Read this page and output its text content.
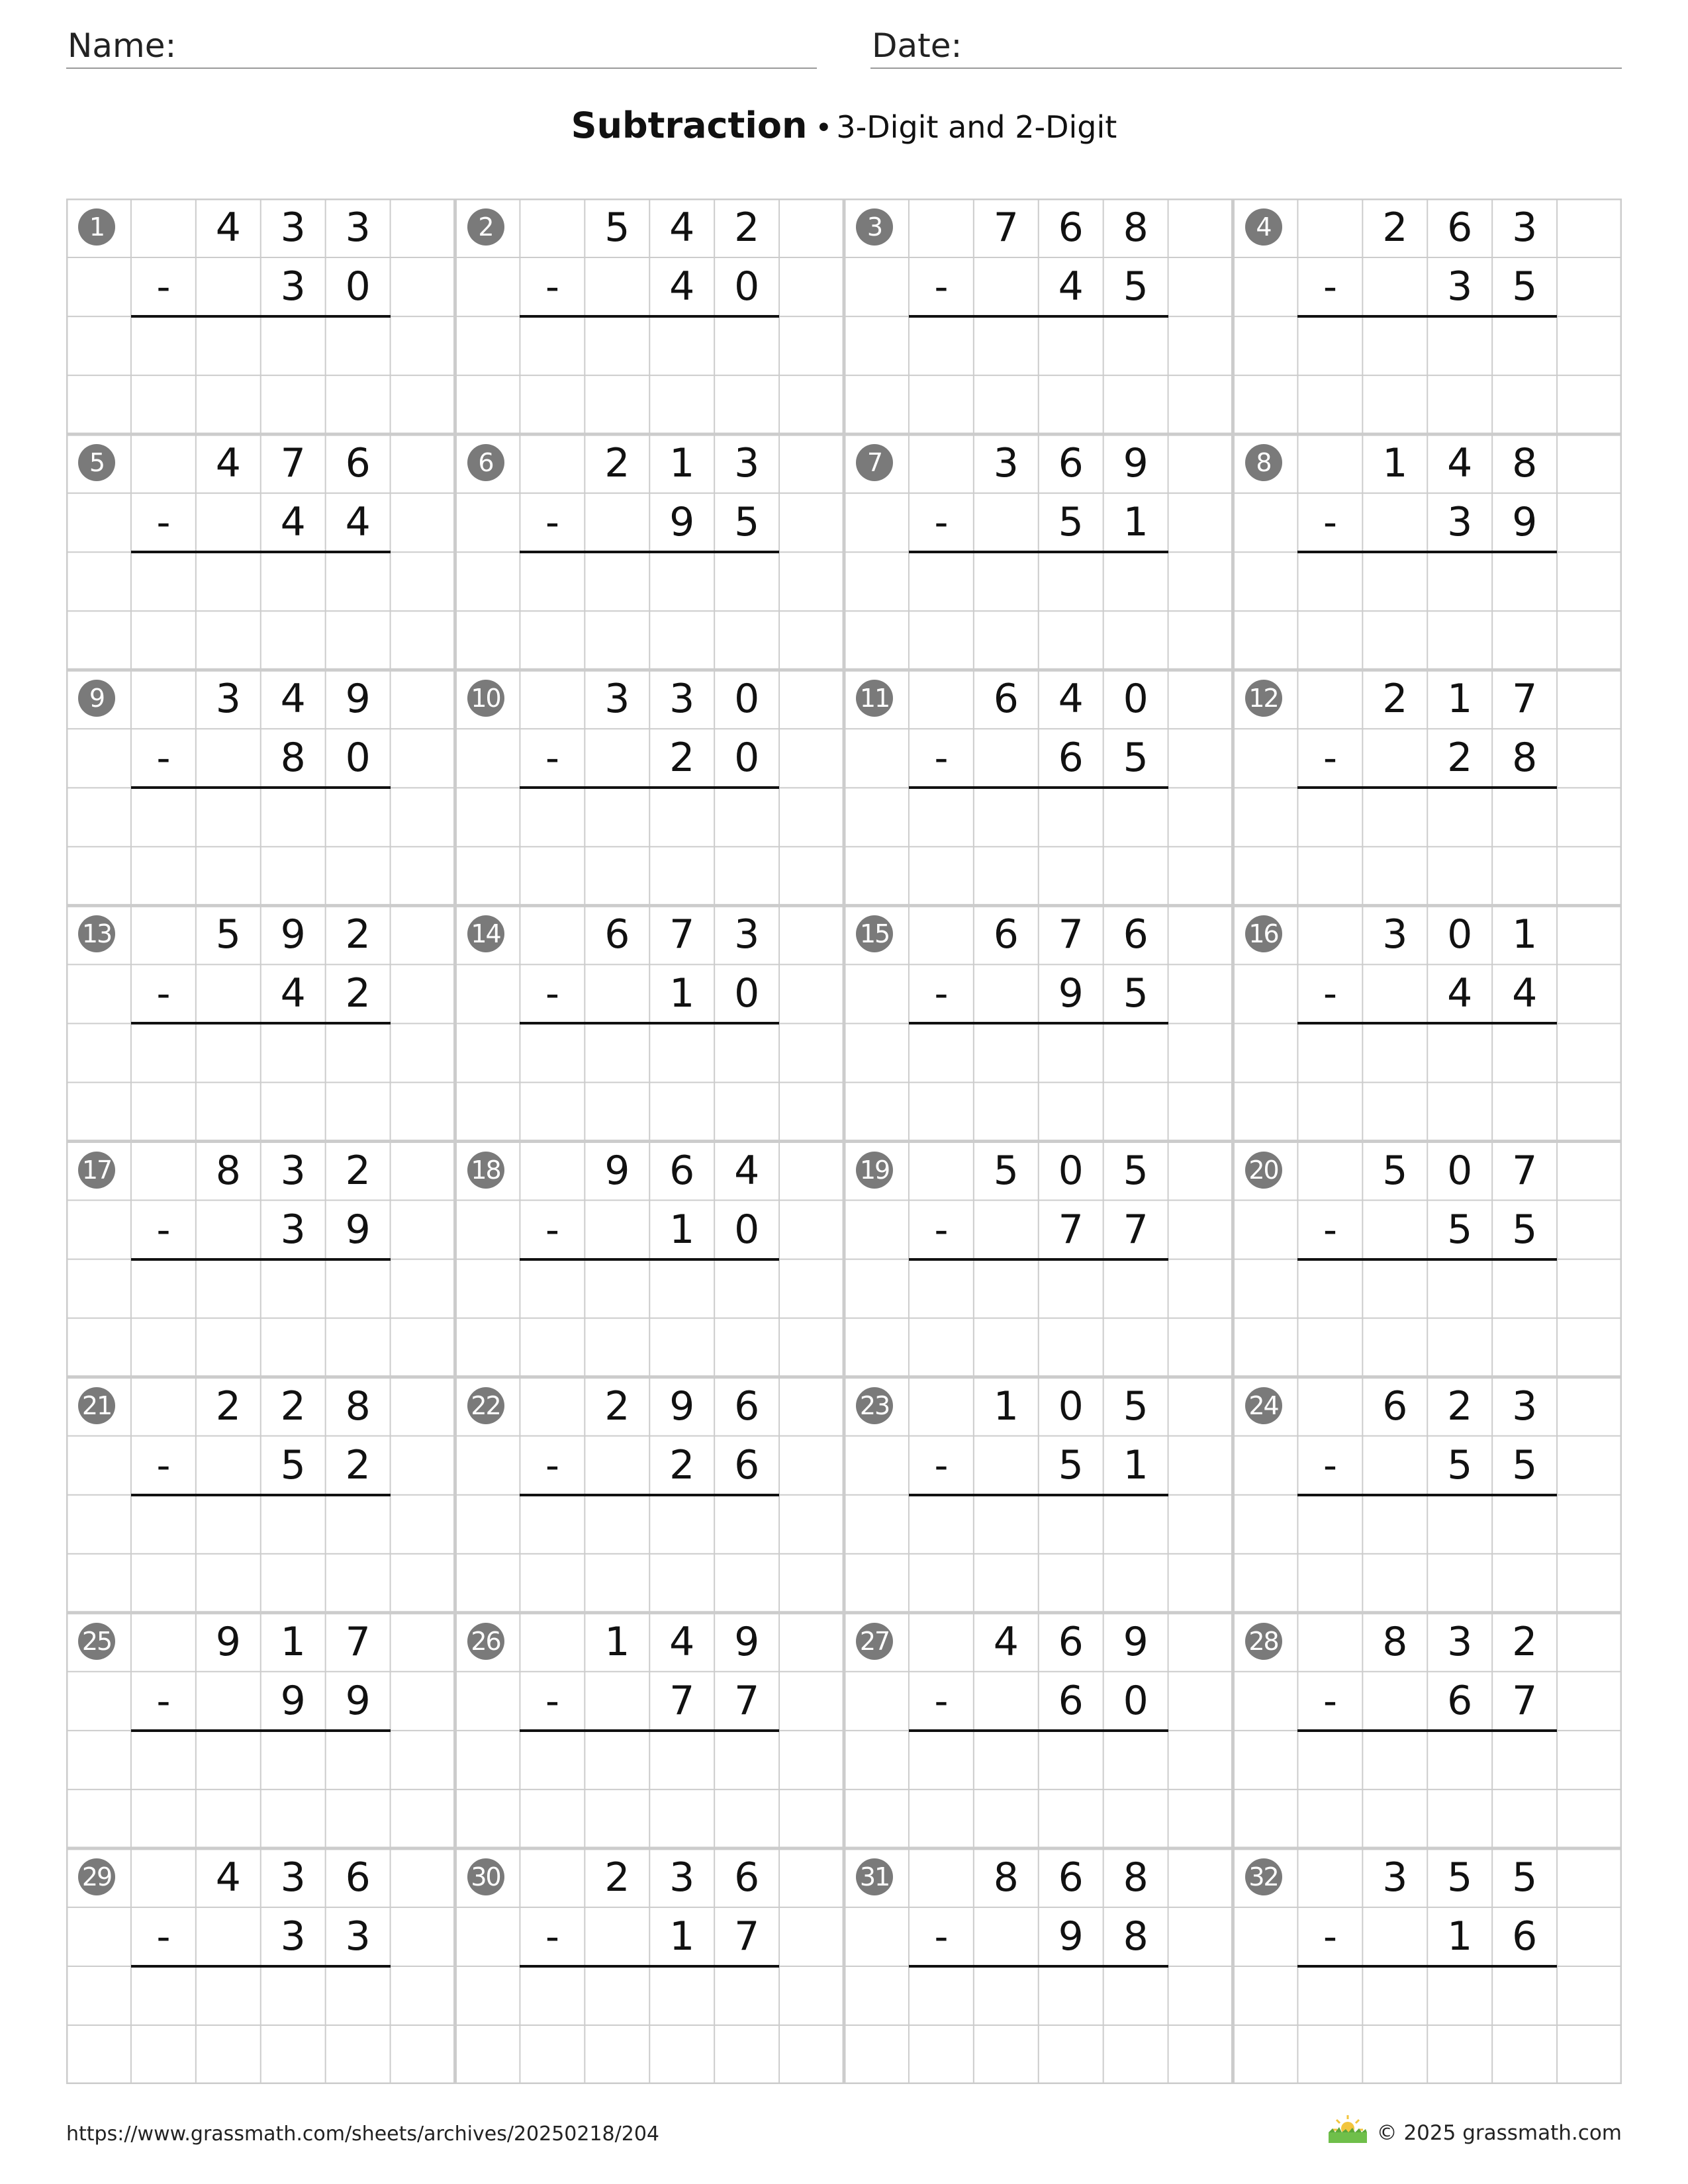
Name:	Date:
Subtraction • 3-Digit and 2-Digit
1	4 3 3
-	3 0
2	5 4 2
-	4 0
3	7 6 8
-	4 5
4	2 6 3
-	3 5
5	4 7 6
-	4 4
6	2 1 3
-	9 5
7	3 6 9
-	5 1
8	1 4 8
-	3 9
9	3 4 9
-	8 0
10	3 3 0
-	2 0
11	6 4 0
-	6 5
12	2 1 7
-	2 8
13	5 9 2
-	4 2
14	6 7 3
-	1 0
15	6 7 6
-	9 5
16	3 0 1
-	4 4
17	8 3 2
-	3 9
18	9 6 4
-	1 0
19	5 0 5
-	7 7
20	5 0 7
-	5 5
21	2 2 8
-	5 2
22	2 9 6
-	2 6
23	1 0 5
-	5 1
24	6 2 3
-	5 5
25	9 1 7
-	9 9
26	1 4 9
-	7 7
27	4 6 9
-	6 0
28	8 3 2
-	6 7
29	4 3 6
-	3 3
30	2 3 6
-	1 7
31	8 6 8
-	9 8
32	3 5 5
-	1 6
https://www.grassmath.com/sheets/archives/20250218/204	© 2025 grassmath.com
